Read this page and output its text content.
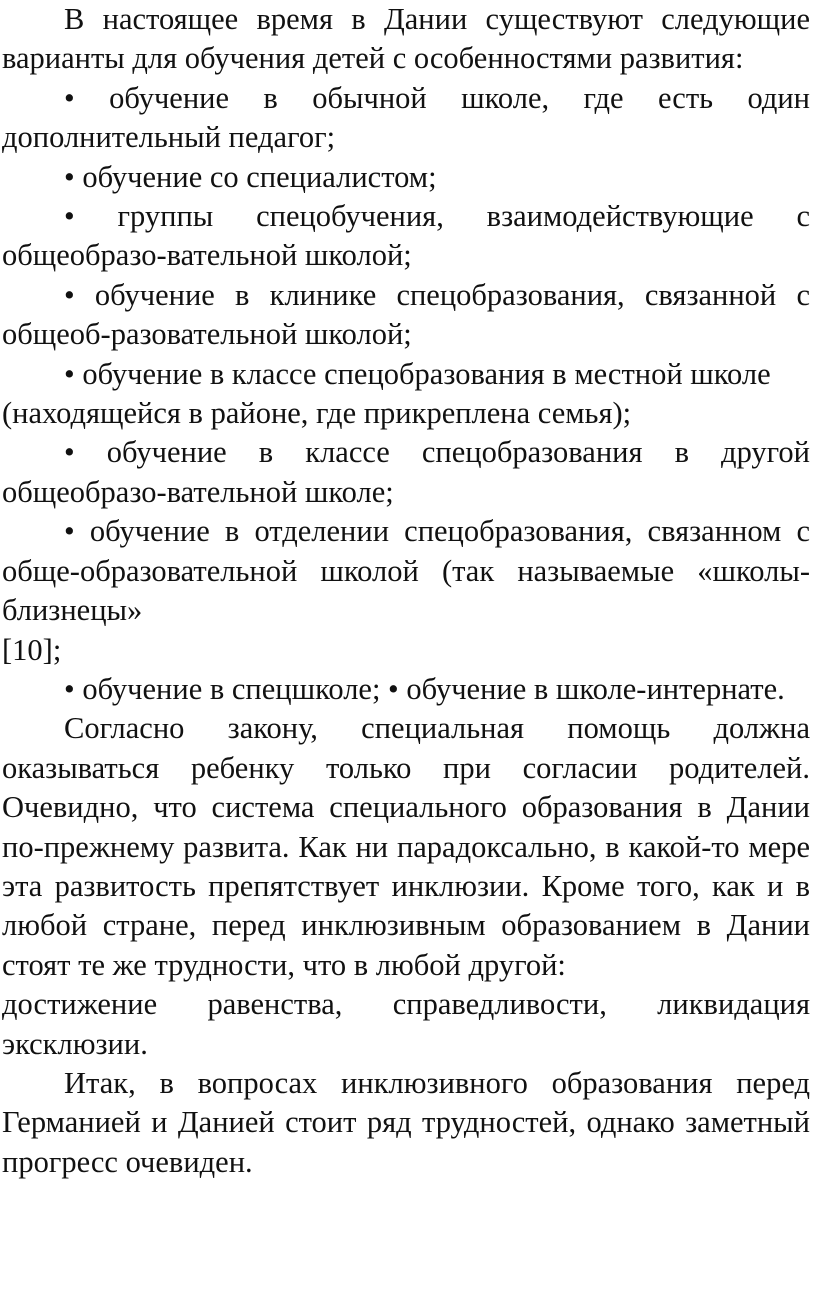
В настоящее время в Дании существуют следующие варианты для обучения детей с особенностями развития:

• обучение в обычной школе, где есть один дополнительный педагог;

• обучение со специалистом;

• группы спецобучения, взаимодействующие с общеобразо-вательной школой;

• обучение в клинике спецобразования, связанной с общеоб-разовательной школой;

• обучение в классе спецобразования в местной школе

(находящейся в районе, где прикреплена семья);

• обучение в классе спецобразования в другой общеобразо-вательной школе;

• обучение в отделении спецобразования, связанном с обще-образовательной школой (так называемые «школы-близнецы»

[10];

• обучение в спецшколе; • обучение в школе-интернате.

Согласно закону, специальная помощь должна оказываться ребенку только при согласии родителей. Очевидно, что система специального образования в Дании по-прежнему развита. Как ни парадоксально, в какой-то мере эта развитость препятствует инклюзии. Кроме того, как и в любой стране, перед инклюзивным образованием в Дании стоят те же трудности, что в любой другой:

достижение равенства, справедливости, ликвидация эксклюзии.

Итак, в вопросах инклюзивного образования перед Германией и Данией стоит ряд трудностей, однако заметный прогресс очевиден.
